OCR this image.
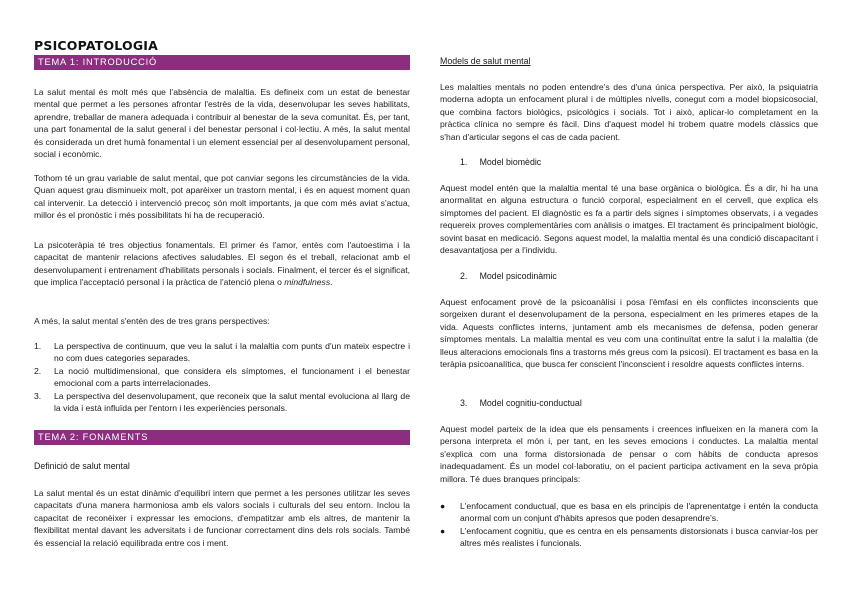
PSICOPATOLOGIA
TEMA 1: INTRODUCCIÓ

La salut mental és molt més que l'absència de malaltia. Es defineix com un estat de benestar mental que permet a les persones afrontar l'estrès de la vida, desenvolupar les seves habilitats, aprendre, treballar de manera adequada i contribuir al benestar de la seva comunitat. És, per tant, una part fonamental de la salut general i del benestar personal i col·lectiu. A més, la salut mental és considerada un dret humà fonamental i un element essencial per al desenvolupament personal, social i econòmic.

Tothom té un grau variable de salut mental, que pot canviar segons les circumstàncies de la vida. Quan aquest grau disminueix molt, pot aparèixer un trastorn mental, i és en aquest moment quan cal intervenir. La detecció i intervenció precoç són molt importants, ja que com més aviat s'actua, millor és el pronòstic i més possibilitats hi ha de recuperació.

La psicoteràpia té tres objectius fonamentals. El primer és l'amor, entès com l'autoestima i la capacitat de mantenir relacions afectives saludables. El segon és el treball, relacionat amb el desenvolupament i entrenament d'habilitats personals i socials. Finalment, el tercer és el significat, que implica l'acceptació personal i la pràctica de l'atenció plena o mindfulness.

A més, la salut mental s'entén des de tres grans perspectives:

1. La perspectiva de continuum, que veu la salut i la malaltia com punts d'un mateix espectre i no com dues categories separades.
2. La noció multidimensional, que considera els símptomes, el funcionament i el benestar emocional com a parts interrelacionades.
3. La perspectiva del desenvolupament, que reconeix que la salut mental evoluciona al llarg de la vida i està influïda per l'entorn i les experiències personals.
TEMA 2: FONAMENTS

Definició de salut mental

La salut mental és un estat dinàmic d'equilibri intern que permet a les persones utilitzar les seves capacitats d'una manera harmoniosa amb els valors socials i culturals del seu entorn. Inclou la capacitat de reconèixer i expressar les emocions, d'empatitzar amb els altres, de mantenir la flexibilitat mental davant les adversitats i de funcionar correctament dins dels rols socials. També és essencial la relació equilibrada entre cos i ment.

Models de salut mental

Les malalties mentals no poden entendre's des d'una única perspectiva. Per això, la psiquiatria moderna adopta un enfocament plural i de múltiples nivells, conegut com a model biopsicosocial, que combina factors biològics, psicològics i socials. Tot i això, aplicar-lo completament en la pràctica clínica no sempre és fàcil. Dins d'aquest model hi trobem quatre models clàssics que s'han d'articular segons el cas de cada pacient.

1. Model biomèdic

Aquest model entén que la malaltia mental té una base orgànica o biològica. És a dir, hi ha una anormalitat en alguna estructura o funció corporal, especialment en el cervell, que explica els símptomes del pacient. El diagnòstic es fa a partir dels signes i símptomes observats, i a vegades requereix proves complementàries com anàlisis o imatges. El tractament és principalment biològic, sovint basat en medicació. Segons aquest model, la malaltia mental és una condició discapacitant i desavantatjosa per a l'individu.

2. Model psicodinàmic

Aquest enfocament prové de la psicoanàlisi i posa l'èmfasi en els conflictes inconscients que sorgeixen durant el desenvolupament de la persona, especialment en les primeres etapes de la vida. Aquests conflictes interns, juntament amb els mecanismes de defensa, poden generar símptomes mentals. La malaltia mental es veu com una continuïtat entre la salut i la malaltia (de lleus alteracions emocionals fins a trastorns més greus com la psicosi). El tractament es basa en la teràpia psicoanalítica, que busca fer conscient l'inconscient i resoldre aquests conflictes interns.

3. Model cognitiu-conductual

Aquest model parteix de la idea que els pensaments i creences influeixen en la manera com la persona interpreta el món i, per tant, en les seves emocions i conductes. La malaltia mental s'explica com una forma distorsionada de pensar o com hàbits de conducta apresos inadequadament. És un model col·laboratiu, on el pacient participa activament en la seva pròpia millora. Té dues branques principals:

● L'enfocament conductual, que es basa en els principis de l'aprenentatge i entén la conducta anormal com un conjunt d'hàbits apresos que poden desaprendre's.
● L'enfocament cognitiu, que es centra en els pensaments distorsionats i busca canviar-los per altres més realistes i funcionals.
